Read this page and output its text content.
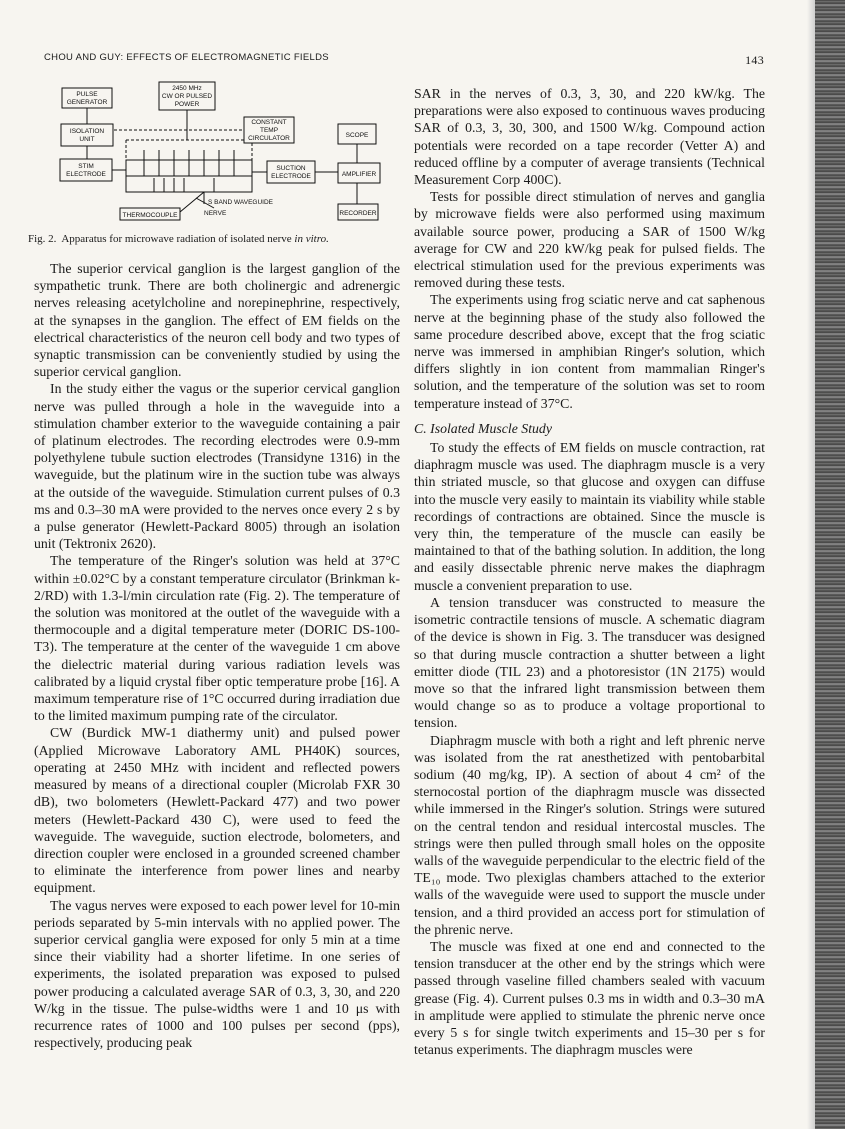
CHOU AND GUY: EFFECTS OF ELECTROMAGNETIC FIELDS	143
PULSE
GENERATOR
2450 MHz
CW OR PULSED
POWER
CONSTANT
TEMP
CIRCULATOR
ISOLATION
UNIT
SCOPE
STIM
ELECTRODE
SUCTION
ELECTRODE	AMPLIFIER
THERMOCOUPLE	RECORDER
S BAND WAVEGUIDE
NERVE
Fig. 2. Apparatus for microwave radiation of isolated nerve in vitro.

The superior cervical ganglion is the largest ganglion of the sympathetic trunk. There are both cholinergic and adrenergic nerves releasing acetylcholine and norepinephrine, respectively, at the synapses in the ganglion. The effect of EM fields on the electrical characteristics of the neuron cell body and two types of synaptic transmission can be conveniently studied by using the superior cervical ganglion.

In the study either the vagus or the superior cervical ganglion nerve was pulled through a hole in the waveguide into a stimulation chamber exterior to the waveguide containing a pair of platinum electrodes. The recording electrodes were 0.9-mm polyethylene tubule suction electrodes (Transidyne 1316) in the waveguide, but the platinum wire in the suction tube was always at the outside of the waveguide. Stimulation current pulses of 0.3 ms and 0.3–30 mA were provided to the nerves once every 2 s by a pulse generator (Hewlett-Packard 8005) through an isolation unit (Tektronix 2620).

The temperature of the Ringer's solution was held at 37°C within ±0.02°C by a constant temperature circulator (Brinkman k-2/RD) with 1.3-l/min circulation rate (Fig. 2). The temperature of the solution was monitored at the outlet of the waveguide with a thermocouple and a digital temperature meter (DORIC DS-100-T3). The temperature at the center of the waveguide 1 cm above the dielectric material during various radiation levels was calibrated by a liquid crystal fiber optic temperature probe [16]. A maximum temperature rise of 1°C occurred during irradiation due to the limited maximum pumping rate of the circulator.

CW (Burdick MW-1 diathermy unit) and pulsed power (Applied Microwave Laboratory AML PH40K) sources, operating at 2450 MHz with incident and reflected powers measured by means of a directional coupler (Microlab FXR 30 dB), two bolometers (Hewlett-Packard 477) and two power meters (Hewlett-Packard 430 C), were used to feed the waveguide. The waveguide, suction electrode, bolometers, and direction coupler were enclosed in a grounded screened chamber to eliminate the interference from power lines and nearby equipment.

The vagus nerves were exposed to each power level for 10-min periods separated by 5-min intervals with no applied power. The superior cervical ganglia were exposed for only 5 min at a time since their viability had a shorter lifetime. In one series of experiments, the isolated preparation was exposed to pulsed power producing a calculated average SAR of 0.3, 3, 30, and 220 W/kg in the tissue. The pulse-widths were 1 and 10 μs with recurrence rates of 1000 and 100 pulses per second (pps), respectively, producing peak

SAR in the nerves of 0.3, 3, 30, and 220 kW/kg. The preparations were also exposed to continuous waves producing SAR of 0.3, 3, 30, 300, and 1500 W/kg. Compound action potentials were recorded on a tape recorder (Vetter A) and reduced offline by a computer of average transients (Technical Measurement Corp 400C).

Tests for possible direct stimulation of nerves and ganglia by microwave fields were also performed using maximum available source power, producing a SAR of 1500 W/kg average for CW and 220 kW/kg peak for pulsed fields. The electrical stimulation used for the previous experiments was removed during these tests.

The experiments using frog sciatic nerve and cat saphenous nerve at the beginning phase of the study also followed the same procedure described above, except that the frog sciatic nerve was immersed in amphibian Ringer's solution, which differs slightly in ion content from mammalian Ringer's solution, and the temperature of the solution was set to room temperature instead of 37°C.

C. Isolated Muscle Study

To study the effects of EM fields on muscle contraction, rat diaphragm muscle was used. The diaphragm muscle is a very thin striated muscle, so that glucose and oxygen can diffuse into the muscle very easily to maintain its viability while stable recordings of contractions are obtained. Since the muscle is very thin, the temperature of the muscle can easily be maintained to that of the bathing solution. In addition, the long and easily dissectable phrenic nerve makes the diaphragm muscle a convenient preparation to use.

A tension transducer was constructed to measure the isometric contractile tensions of muscle. A schematic diagram of the device is shown in Fig. 3. The transducer was designed so that during muscle contraction a shutter between a light emitter diode (TIL 23) and a photoresistor (1N 2175) would move so that the infrared light transmission between them would change so as to produce a voltage proportional to tension.

Diaphragm muscle with both a right and left phrenic nerve was isolated from the rat anesthetized with pentobarbital sodium (40 mg/kg, IP). A section of about 4 cm² of the sternocostal portion of the diaphragm muscle was dissected while immersed in the Ringer's solution. Strings were sutured on the central tendon and residual intercostal muscles. The strings were then pulled through small holes on the opposite walls of the waveguide perpendicular to the electric field of the TE₁₀ mode. Two plexiglas chambers attached to the exterior walls of the waveguide were used to support the muscle under tension, and a third provided an access port for stimulation of the phrenic nerve.

The muscle was fixed at one end and connected to the tension transducer at the other end by the strings which were passed through vaseline filled chambers sealed with vacuum grease (Fig. 4). Current pulses 0.3 ms in width and 0.3–30 mA in amplitude were applied to stimulate the phrenic nerve once every 5 s for single twitch experiments and 15–30 per s for tetanus experiments. The diaphragm muscles were
